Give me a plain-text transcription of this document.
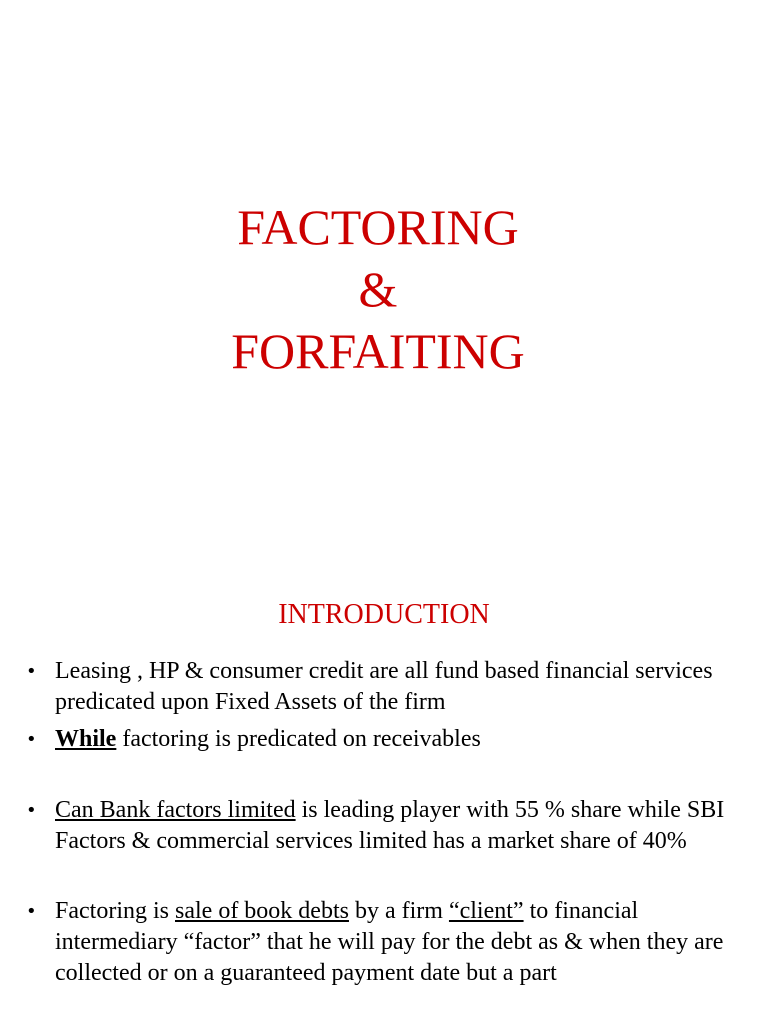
FACTORING
&
FORFAITING
INTRODUCTION
• Leasing , HP & consumer credit are all fund based financial services predicated upon Fixed Assets of the firm
• While factoring is predicated on receivables
• Can Bank factors limited is leading player with 55 % share while SBI Factors & commercial services limited has a market share of 40%
• Factoring is sale of book debts by a firm “client” to financial intermediary “factor” that he will pay for the debt as & when they are collected or on a guaranteed payment date but a part
